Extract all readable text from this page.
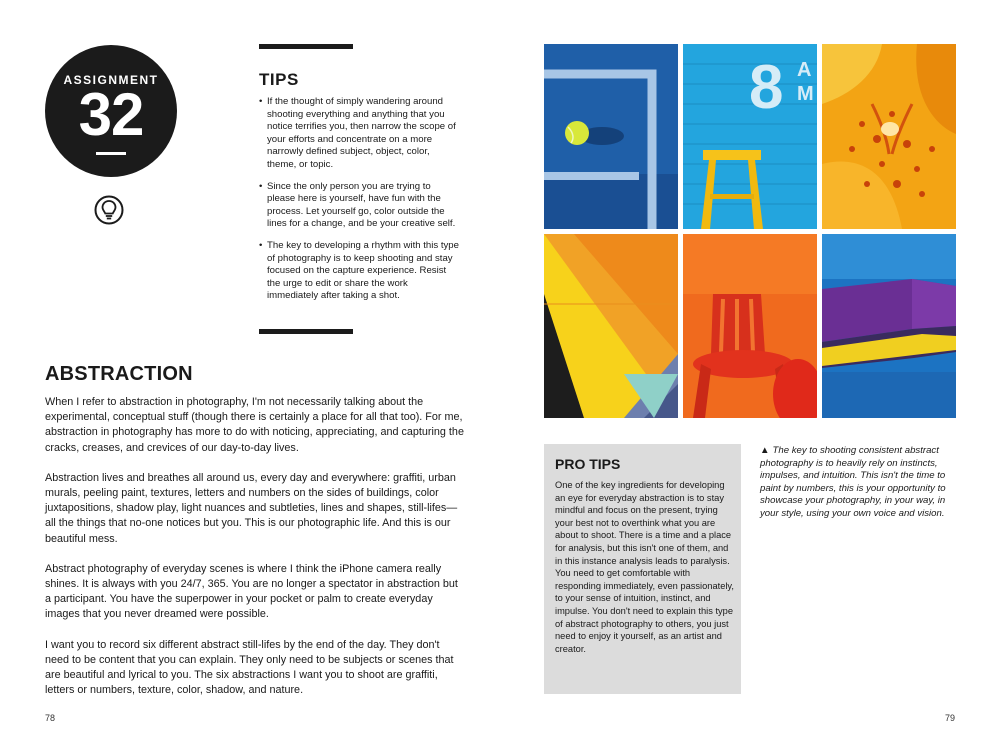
ASSIGNMENT
32
TIPS
• If the thought of simply wandering around shooting everything and anything that you notice terrifies you, then narrow the scope of your efforts and concentrate on a more narrowly defined subject, object, color, theme, or topic.
• Since the only person you are trying to please here is yourself, have fun with the process. Let yourself go, color outside the lines for a change, and be your creative self.
• The key to developing a rhythm with this type of photography is to keep shooting and stay focused on the capture experience. Resist the urge to edit or share the work immediately after taking a shot.
ABSTRACTION

When I refer to abstraction in photography, I'm not necessarily talking about the experimental, conceptual stuff (though there is certainly a place for all that too). For me, abstraction in photography has more to do with noticing, appreciating, and capturing the cracks, creases, and crevices of our day-to-day lives.

Abstraction lives and breathes all around us, every day and everywhere: graffiti, urban murals, peeling paint, textures, letters and numbers on the sides of buildings, color juxtapositions, shadow play, light nuances and subtleties, lines and shapes, still-lifes—all the things that no-one notices but you. This is our photographic life. And this is our beautiful mess.

Abstract photography of everyday scenes is where I think the iPhone camera really shines. It is always with you 24/7, 365. You are no longer a spectator in abstraction but a participant. You have the superpower in your pocket or palm to create everyday images that you never dreamed were possible.

I want you to record six different abstract still-lifes by the end of the day. They don't need to be content that you can explain. They only need to be subjects or scenes that are beautiful and lyrical to you. The six abstractions I want you to shoot are graffiti, letters or numbers, texture, color, shadow, and nature.

8 A
M
PRO TIPS
One of the key ingredients for developing an eye for everyday abstraction is to stay mindful and focus on the present, trying your best not to overthink what you are about to shoot. There is a time and a place for analysis, but this isn't one of them, and in this instance analysis leads to paralysis. You need to get comfortable with responding immediately, even passionately, to your sense of intuition, instinct, and impulse. You don't need to explain this type of abstract photography to others, you just need to enjoy it yourself, as an artist and creator.
▲ The key to shooting consistent abstract photography is to heavily rely on instincts, impulses, and intuition. This isn't the time to paint by numbers, this is your opportunity to showcase your photography, in your way, in your style, using your own voice and vision.
78	79
